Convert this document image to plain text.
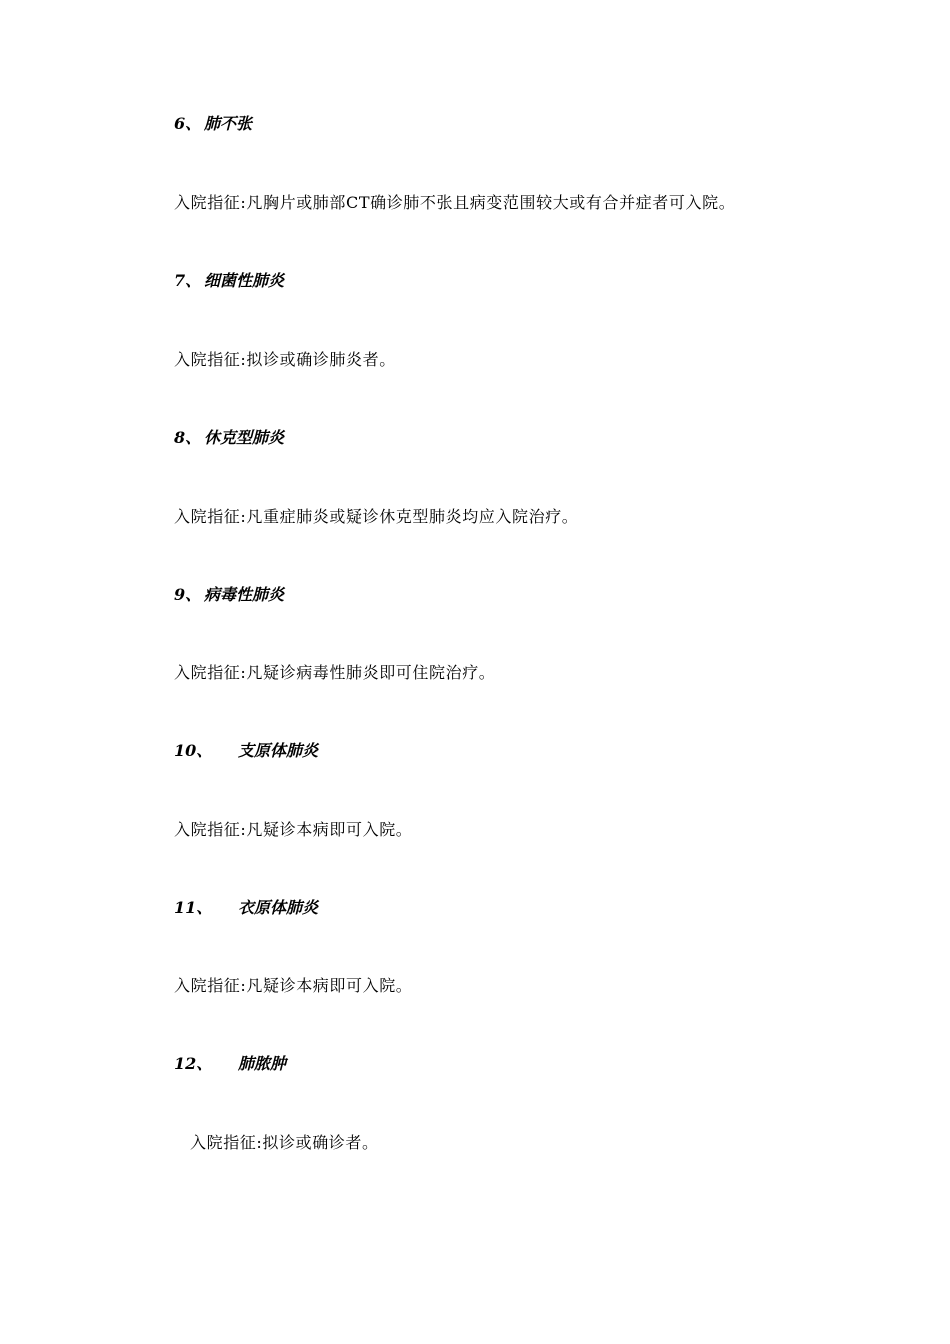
6、 肺不张
入院指征:凡胸片或肺部CT确诊肺不张且病变范围较大或有合并症者可入院。
7、 细菌性肺炎
入院指征:拟诊或确诊肺炎者。
8、 休克型肺炎
入院指征:凡重症肺炎或疑诊休克型肺炎均应入院治疗。
9、 病毒性肺炎
入院指征:凡疑诊病毒性肺炎即可住院治疗。
10、 支原体肺炎
入院指征:凡疑诊本病即可入院。
11、 衣原体肺炎
入院指征:凡疑诊本病即可入院。
12、 肺脓肿
入院指征:拟诊或确诊者。
